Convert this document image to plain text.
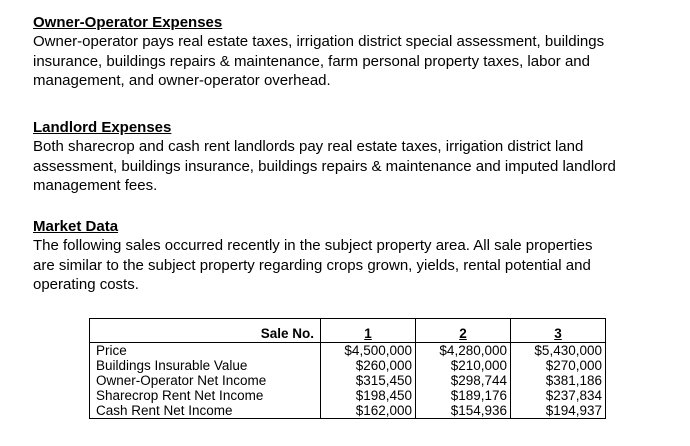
Owner-Operator Expenses

Owner-operator pays real estate taxes, irrigation district special assessment, buildings
insurance, buildings repairs & maintenance, farm personal property taxes, labor and
management, and owner-operator overhead.

Landlord Expenses

Both sharecrop and cash rent landlords pay real estate taxes, irrigation district land
assessment, buildings insurance, buildings repairs & maintenance and imputed landlord
management fees.

Market Data

The following sales occurred recently in the subject property area. All sale properties
are similar to the subject property regarding crops grown, yields, rental potential and
operating costs.

Sale No.	1	2	3
Price	$4,500,000	$4,280,000	$5,430,000
Buildings Insurable Value	$260,000	$210,000	$270,000
Owner-Operator Net Income	$315,450	$298,744	$381,186
Sharecrop Rent Net Income	$198,450	$189,176	$237,834
Cash Rent Net Income	$162,000	$154,936	$194,937
